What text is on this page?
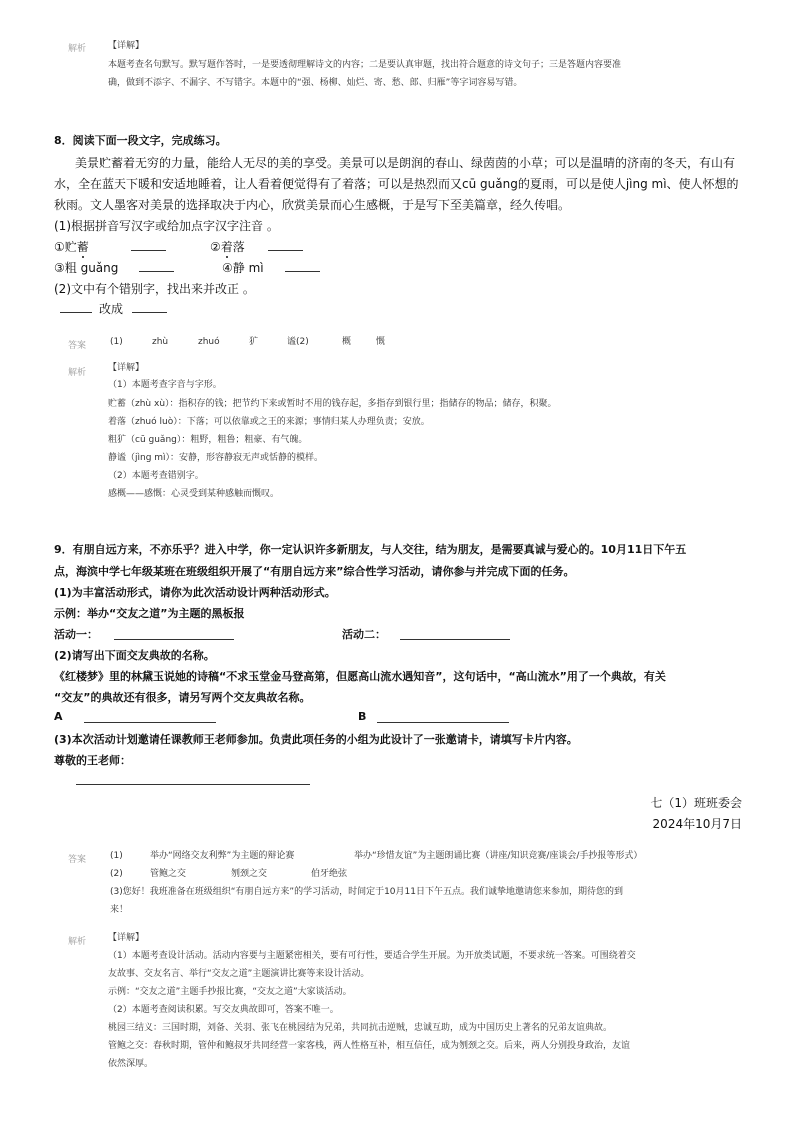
解析 【详解】
本题考查名句默写。默写题作答时，一是要透彻理解诗文的内容；二是要认真审题，找出符合题意的诗文句子；三是答题内容要准
确，做到不添字、不漏字、不写错字。本题中的“强、杨柳、灿烂、寄、愁、郎、归雁”等字词容易写错。
8．阅读下面一段文字，完成练习。
美景贮蓄着无穷的力量，能给人无尽的美的享受。美景可以是朗润的春山、绿茵茵的小草；可以是温晴的济南的冬天，有山有
水，全在蓝天下暖和安适地睡着，让人看着便觉得有了着落；可以是热烈而又cū guǎng的夏雨，可以是使人jìng mì、使人怀想的
秋雨。文人墨客对美景的选择取决于内心，欣赏美景而心生感概，于是写下至美篇章，经久传唱。
(1)根据拼音写汉字或给加点字汉字注音 。
①贮蓄	②着落
③粗 guǎng	④静 mì
(2)文中有个错别字，找出来并改正 。
改成
答案	(1)	zhù	zhuó	犷	谧(2)	概	慨
解析 【详解】
（1）本题考查字音与字形。
贮蓄（zhù xù）：指积存的钱；把节约下来或暂时不用的钱存起，多指存到银行里；指储存的物品；储存，积聚。
着落（zhuó luò）：下落；可以依靠或之王的来源；事情归某人办理负责；安放。
粗犷（cū guǎng）：粗野，粗鲁；粗豪、有气魄。
静谧（jìng mì）：安静，形容静寂无声或恬静的模样。
（2）本题考查错别字。
感概——感慨：心灵受到某种感触而慨叹。
9．有朋自远方来，不亦乐乎？进入中学，你一定认识许多新朋友，与人交往，结为朋友，是需要真诚与爱心的。10月11日下午五
点，海滨中学七年级某班在班级组织开展了“有朋自远方来”综合性学习活动，请你参与并完成下面的任务。
(1)为丰富活动形式，请你为此次活动设计两种活动形式。
示例：举办“交友之道”为主题的黑板报
活动一：	活动二：
(2)请写出下面交友典故的名称。
《红楼梦》里的林黛玉说她的诗稿“不求玉堂金马登高第，但愿高山流水遇知音”，这句话中，“高山流水”用了一个典故，有关
“交友”的典故还有很多，请另写两个交友典故名称。
A	B
(3)本次活动计划邀请任课教师王老师参加。负责此项任务的小组为此设计了一张邀请卡，请填写卡片内容。
尊敬的王老师：
七（1）班班委会
2024年10月7日
答案	(1)	举办“网络交友利弊”为主题的辩论赛	举办“珍惜友谊”为主题朗诵比赛（讲座/知识竞赛/座谈会/手抄报等形式）
(2)	管鲍之交	刎颈之交	伯牙绝弦
(3)您好！我班准备在班级组织“有朋自远方来”的学习活动，时间定于10月11日下午五点。我们诚挚地邀请您来参加，期待您的到
来！
解析 【详解】
（1）本题考查设计活动。活动内容要与主题紧密相关，要有可行性，要适合学生开展。为开放类试题，不要求统一答案。可围绕着交
友故事、交友名言、举行“交友之道”主题演讲比赛等来设计活动。
示例：“交友之道”主题手抄报比赛，“交友之道”大家谈活动。
（2）本题考查阅读积累。写交友典故即可，答案不唯一。
桃园三结义：三国时期，刘备、关羽、张飞在桃园结为兄弟，共同抗击逆贼，忠诚互助，成为中国历史上著名的兄弟友谊典故。
管鲍之交：春秋时期，管仲和鲍叔牙共同经营一家客栈，两人性格互补，相互信任，成为刎颈之交。后来，两人分别投身政治，友谊
依然深厚。
